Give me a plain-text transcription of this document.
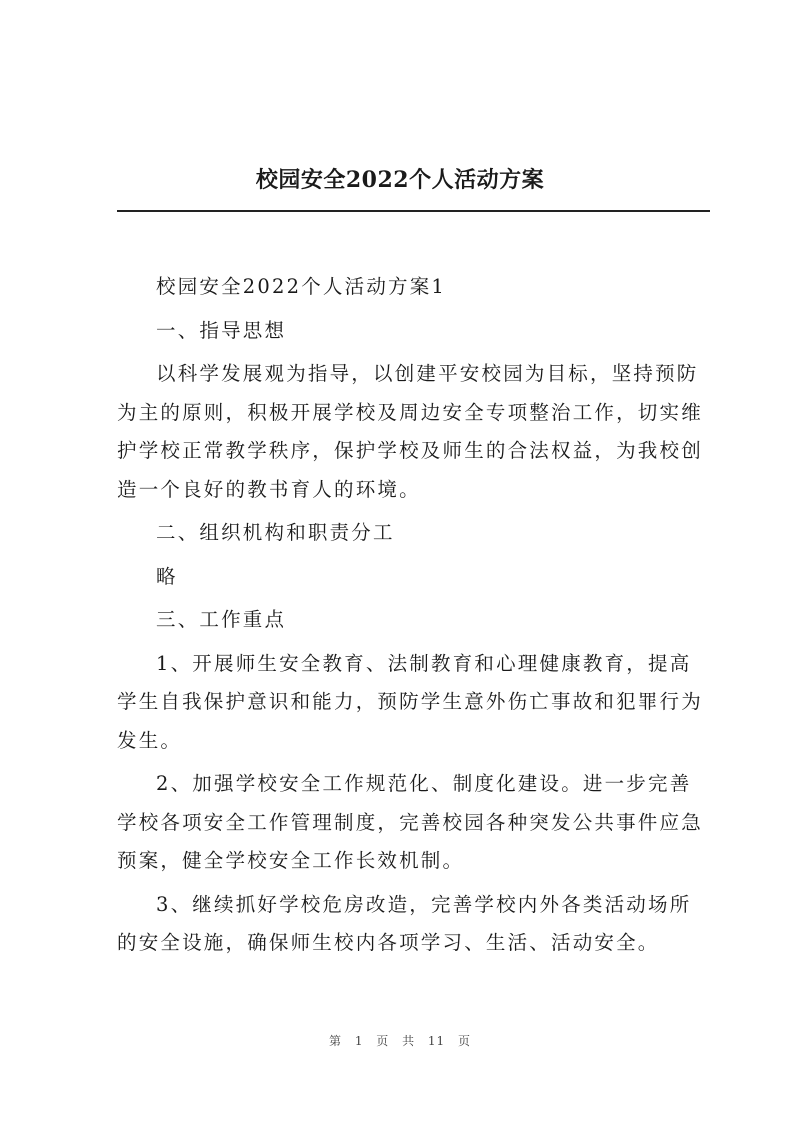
校园安全2022个人活动方案

校园安全2022个人活动方案1

一、指导思想

以科学发展观为指导，以创建平安校园为目标，坚持预防为主的原则，积极开展学校及周边安全专项整治工作，切实维护学校正常教学秩序，保护学校及师生的合法权益，为我校创造一个良好的教书育人的环境。

二、组织机构和职责分工

略

三、工作重点

1、开展师生安全教育、法制教育和心理健康教育，提高学生自我保护意识和能力，预防学生意外伤亡事故和犯罪行为发生。

2、加强学校安全工作规范化、制度化建设。进一步完善学校各项安全工作管理制度，完善校园各种突发公共事件应急预案，健全学校安全工作长效机制。

3、继续抓好学校危房改造，完善学校内外各类活动场所的安全设施，确保师生校内各项学习、生活、活动安全。

第 1 页 共 11 页
